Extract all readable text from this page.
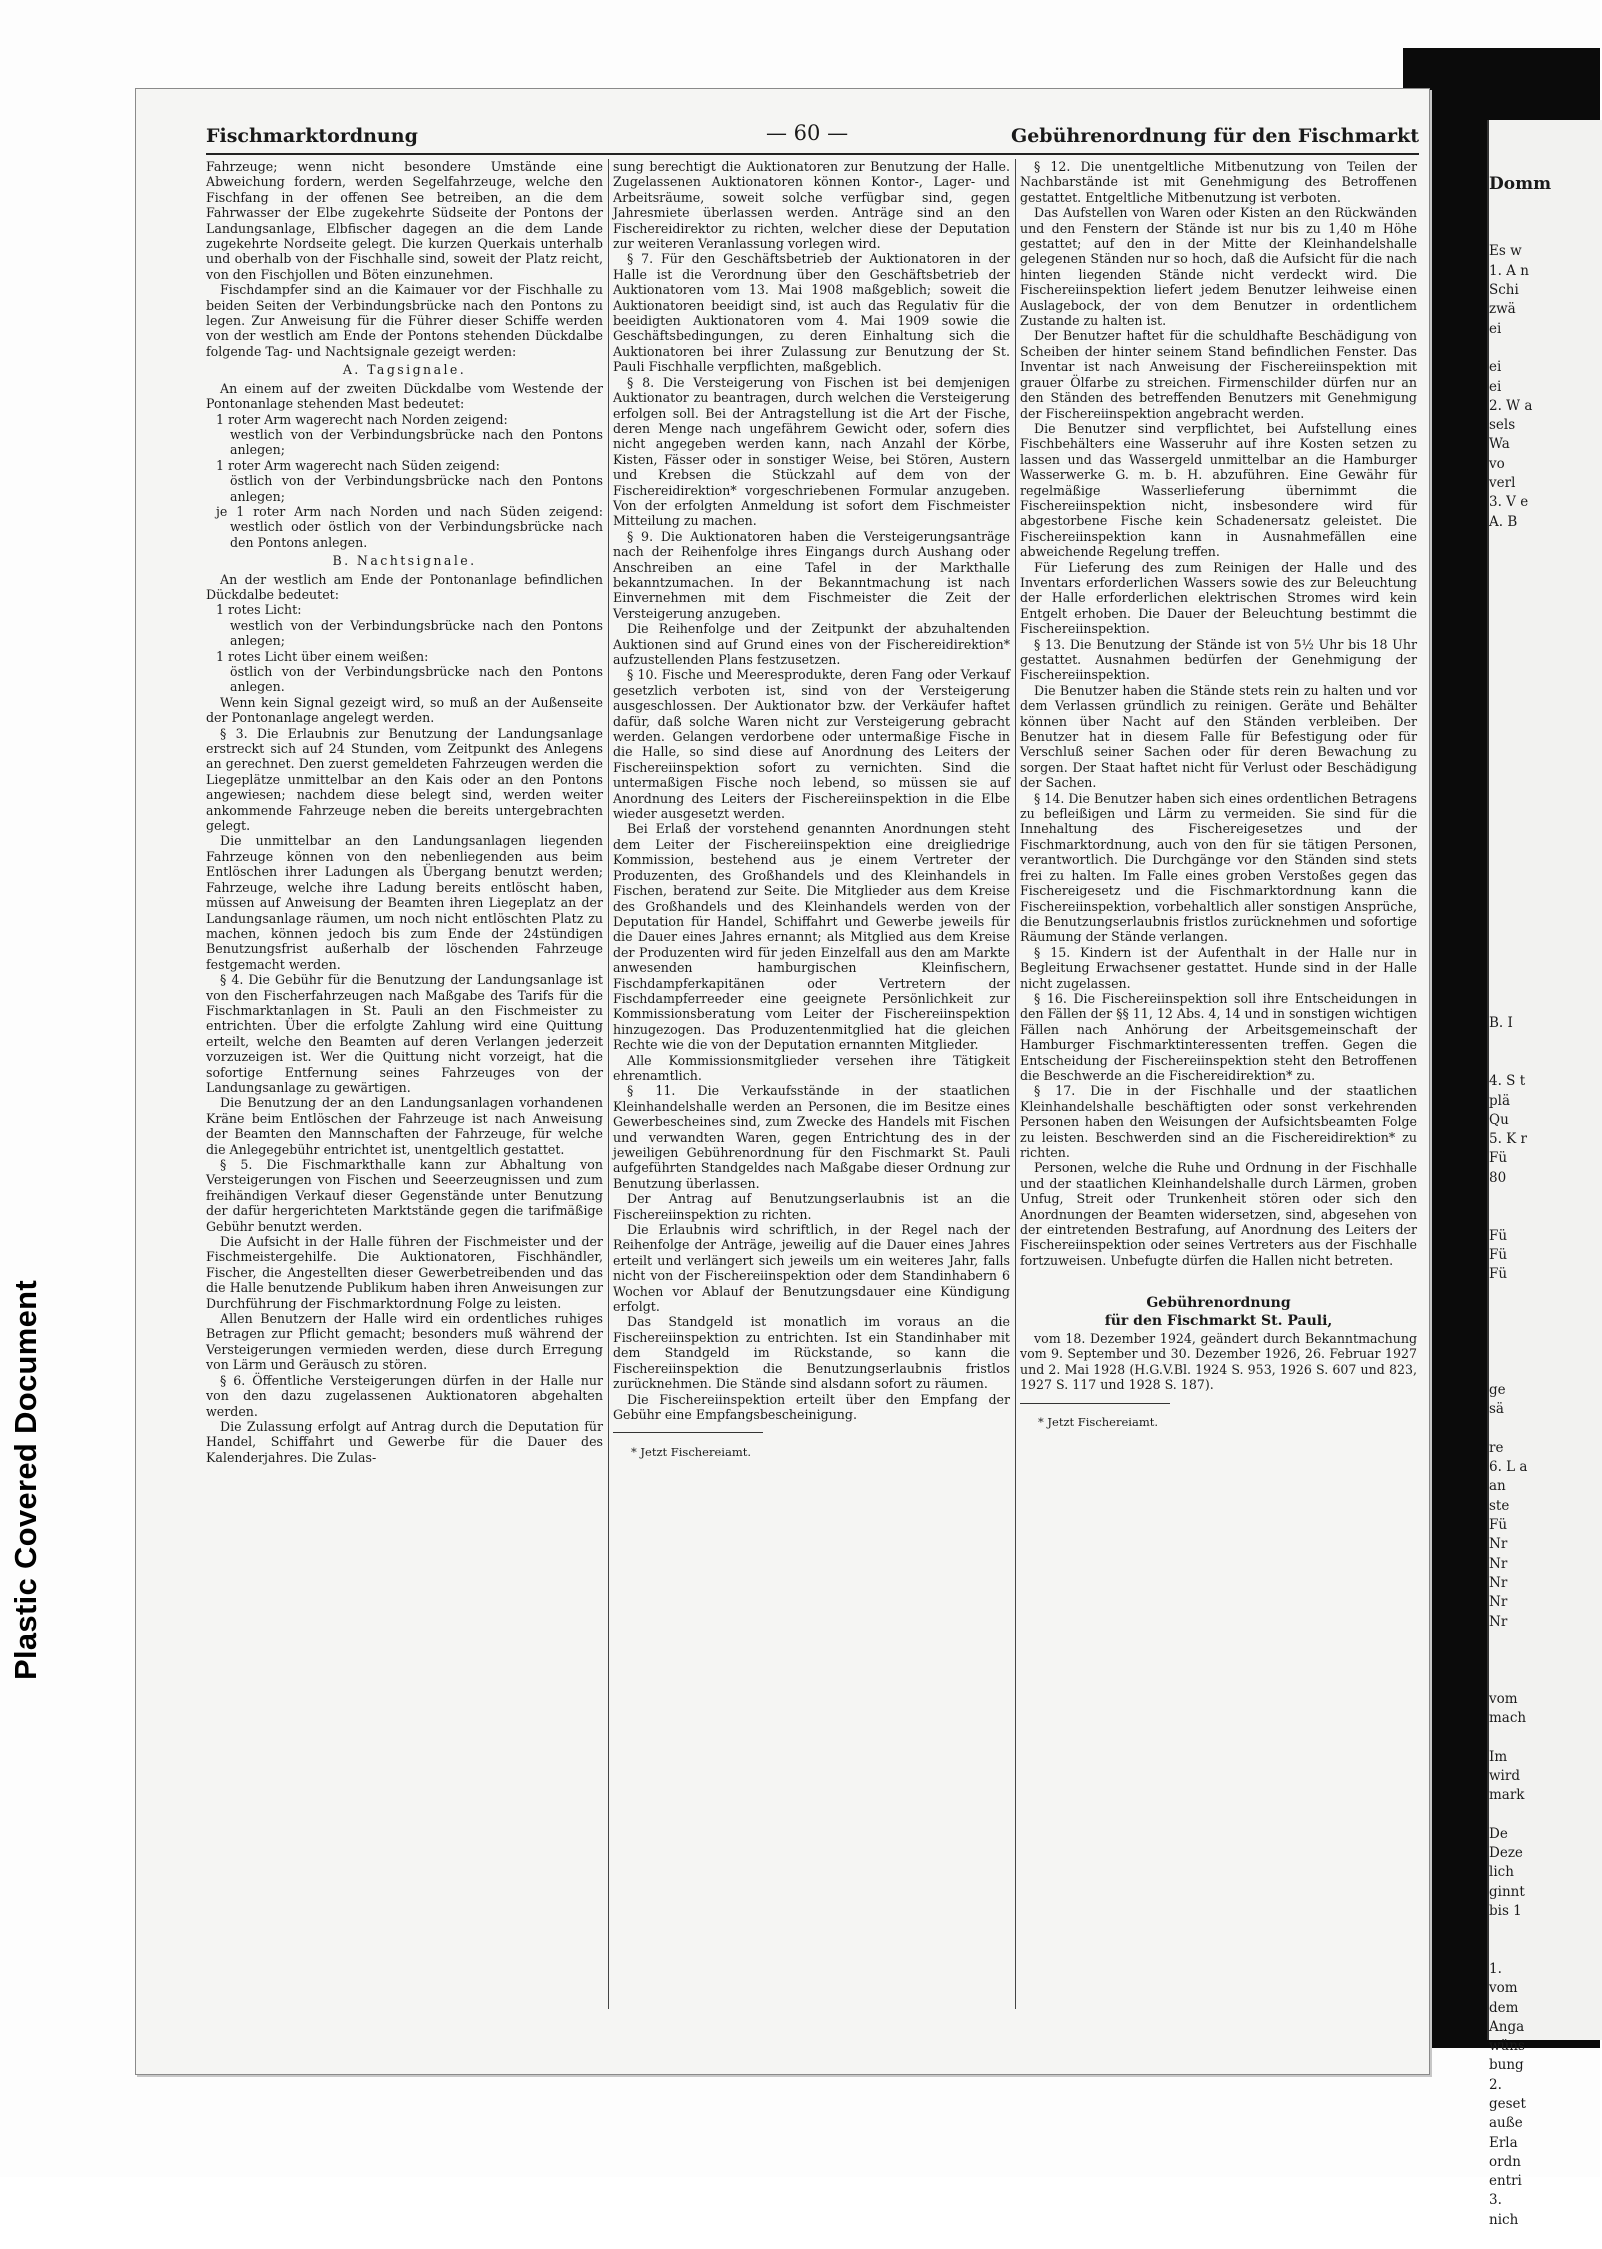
Plastic Covered Document

Domm

Es w
1. A n
Schi
zwä
ei

ei
ei
2. W a
sels
Wa
vo
verl
3. V e
A. B

B. I

4. S t
plä
Qu
5. K r
Fü
80

Fü
Fü
Fü

ge
sä

re
6. L a
an
ste
Fü
Nr
Nr
Nr
Nr
Nr

vom
mach

Im
wird
mark

De
Deze
lich
ginnt
bis 1

1.
vom
dem
Anga
wüns
bung
2.
geset
auße
Erla
ordn
entri
3.
nich

Fischmarktordnung	— 60 —	Gebührenordnung für den Fischmarkt

Fahrzeuge; wenn nicht besondere Umstände eine Abweichung fordern, werden Segelfahrzeuge, welche den Fischfang in der offenen See betreiben, an die dem Fahrwasser der Elbe zugekehrte Südseite der Pontons der Landungsanlage, Elbfischer dagegen an die dem Lande zugekehrte Nordseite gelegt. Die kurzen Querkais unterhalb und oberhalb von der Fischhalle sind, soweit der Platz reicht, von den Fischjollen und Böten einzunehmen.

Fischdampfer sind an die Kaimauer vor der Fischhalle zu beiden Seiten der Verbindungsbrücke nach den Pontons zu legen. Zur Anweisung für die Führer dieser Schiffe werden von der westlich am Ende der Pontons stehenden Dückdalbe folgende Tag- und Nachtsignale gezeigt werden:

A. Tagsignale.

An einem auf der zweiten Dückdalbe vom Westende der Pontonanlage stehenden Mast bedeutet:

1 roter Arm wagerecht nach Norden zeigend:

westlich von der Verbindungsbrücke nach den Pontons anlegen;

1 roter Arm wagerecht nach Süden zeigend:

östlich von der Verbindungsbrücke nach den Pontons anlegen;

je 1 roter Arm nach Norden und nach Süden zeigend: westlich oder östlich von der Verbindungsbrücke nach den Pontons anlegen.

B. Nachtsignale.

An der westlich am Ende der Pontonanlage befindlichen Dückdalbe bedeutet:

1 rotes Licht:

westlich von der Verbindungsbrücke nach den Pontons anlegen;

1 rotes Licht über einem weißen:

östlich von der Verbindungsbrücke nach den Pontons anlegen.

Wenn kein Signal gezeigt wird, so muß an der Außenseite der Pontonanlage angelegt werden.

§ 3. Die Erlaubnis zur Benutzung der Landungsanlage erstreckt sich auf 24 Stunden, vom Zeitpunkt des Anlegens an gerechnet. Den zuerst gemeldeten Fahrzeugen werden die Liegeplätze unmittelbar an den Kais oder an den Pontons angewiesen; nachdem diese belegt sind, werden weiter ankommende Fahrzeuge neben die bereits untergebrachten gelegt.

Die unmittelbar an den Landungsanlagen liegenden Fahrzeuge können von den nebenliegenden aus beim Entlöschen ihrer Ladungen als Übergang benutzt werden; Fahrzeuge, welche ihre Ladung bereits entlöscht haben, müssen auf Anweisung der Beamten ihren Liegeplatz an der Landungsanlage räumen, um noch nicht entlöschten Platz zu machen, können jedoch bis zum Ende der 24stündigen Benutzungsfrist außerhalb der löschenden Fahrzeuge festgemacht werden.

§ 4. Die Gebühr für die Benutzung der Landungsanlage ist von den Fischerfahrzeugen nach Maßgabe des Tarifs für die Fischmarktanlagen in St. Pauli an den Fischmeister zu entrichten. Über die erfolgte Zahlung wird eine Quittung erteilt, welche den Beamten auf deren Verlangen jederzeit vorzuzeigen ist. Wer die Quittung nicht vorzeigt, hat die sofortige Entfernung seines Fahrzeuges von der Landungsanlage zu gewärtigen.

Die Benutzung der an den Landungsanlagen vorhandenen Kräne beim Entlöschen der Fahrzeuge ist nach Anweisung der Beamten den Mannschaften der Fahrzeuge, für welche die Anlegegebühr entrichtet ist, unentgeltlich gestattet.

§ 5. Die Fischmarkthalle kann zur Abhaltung von Versteigerungen von Fischen und Seeerzeugnissen und zum freihändigen Verkauf dieser Gegenstände unter Benutzung der dafür hergerichteten Marktstände gegen die tarifmäßige Gebühr benutzt werden.

Die Aufsicht in der Halle führen der Fischmeister und der Fischmeistergehilfe. Die Auktionatoren, Fischhändler, Fischer, die Angestellten dieser Gewerbetreibenden und das die Halle benutzende Publikum haben ihren Anweisungen zur Durchführung der Fischmarktordnung Folge zu leisten.

Allen Benutzern der Halle wird ein ordentliches ruhiges Betragen zur Pflicht gemacht; besonders muß während der Versteigerungen vermieden werden, diese durch Erregung von Lärm und Geräusch zu stören.

§ 6. Öffentliche Versteigerungen dürfen in der Halle nur von den dazu zugelassenen Auktionatoren abgehalten werden.

Die Zulassung erfolgt auf Antrag durch die Deputation für Handel, Schiffahrt und Gewerbe für die Dauer des Kalenderjahres. Die Zulas-

sung berechtigt die Auktionatoren zur Benutzung der Halle. Zugelassenen Auktionatoren können Kontor-, Lager- und Arbeitsräume, soweit solche verfügbar sind, gegen Jahresmiete überlassen werden. Anträge sind an den Fischereidirektor zu richten, welcher diese der Deputation zur weiteren Veranlassung vorlegen wird.

§ 7. Für den Geschäftsbetrieb der Auktionatoren in der Halle ist die Verordnung über den Geschäftsbetrieb der Auktionatoren vom 13. Mai 1908 maßgeblich; soweit die Auktionatoren beeidigt sind, ist auch das Regulativ für die beeidigten Auktionatoren vom 4. Mai 1909 sowie die Geschäftsbedingungen, zu deren Einhaltung sich die Auktionatoren bei ihrer Zulassung zur Benutzung der St. Pauli Fischhalle verpflichten, maßgeblich.

§ 8. Die Versteigerung von Fischen ist bei demjenigen Auktionator zu beantragen, durch welchen die Versteigerung erfolgen soll. Bei der Antragstellung ist die Art der Fische, deren Menge nach ungefährem Gewicht oder, sofern dies nicht angegeben werden kann, nach Anzahl der Körbe, Kisten, Fässer oder in sonstiger Weise, bei Stören, Austern und Krebsen die Stückzahl auf dem von der Fischereidirektion* vorgeschriebenen Formular anzugeben. Von der erfolgten Anmeldung ist sofort dem Fischmeister Mitteilung zu machen.

§ 9. Die Auktionatoren haben die Versteigerungsanträge nach der Reihenfolge ihres Eingangs durch Aushang oder Anschreiben an eine Tafel in der Markthalle bekanntzumachen. In der Bekanntmachung ist nach Einvernehmen mit dem Fischmeister die Zeit der Versteigerung anzugeben.

Die Reihenfolge und der Zeitpunkt der abzuhaltenden Auktionen sind auf Grund eines von der Fischereidirektion* aufzustellenden Plans festzusetzen.

§ 10. Fische und Meeresprodukte, deren Fang oder Verkauf gesetzlich verboten ist, sind von der Versteigerung ausgeschlossen. Der Auktionator bzw. der Verkäufer haftet dafür, daß solche Waren nicht zur Versteigerung gebracht werden. Gelangen verdorbene oder untermaßige Fische in die Halle, so sind diese auf Anordnung des Leiters der Fischereiinspektion sofort zu vernichten. Sind die untermaßigen Fische noch lebend, so müssen sie auf Anordnung des Leiters der Fischereiinspektion in die Elbe wieder ausgesetzt werden.

Bei Erlaß der vorstehend genannten Anordnungen steht dem Leiter der Fischereiinspektion eine dreigliedrige Kommission, bestehend aus je einem Vertreter der Produzenten, des Großhandels und des Kleinhandels in Fischen, beratend zur Seite. Die Mitglieder aus dem Kreise des Großhandels und des Kleinhandels werden von der Deputation für Handel, Schiffahrt und Gewerbe jeweils für die Dauer eines Jahres ernannt; als Mitglied aus dem Kreise der Produzenten wird für jeden Einzelfall aus den am Markte anwesenden hamburgischen Kleinfischern, Fischdampferkapitänen oder Vertretern der Fischdampferreeder eine geeignete Persönlichkeit zur Kommissionsberatung vom Leiter der Fischereiinspektion hinzugezogen. Das Produzentenmitglied hat die gleichen Rechte wie die von der Deputation ernannten Mitglieder.

Alle Kommissionsmitglieder versehen ihre Tätigkeit ehrenamtlich.

§ 11. Die Verkaufsstände in der staatlichen Kleinhandelshalle werden an Personen, die im Besitze eines Gewerbescheines sind, zum Zwecke des Handels mit Fischen und verwandten Waren, gegen Entrichtung des in der jeweiligen Gebührenordnung für den Fischmarkt St. Pauli aufgeführten Standgeldes nach Maßgabe dieser Ordnung zur Benutzung überlassen.

Der Antrag auf Benutzungserlaubnis ist an die Fischereiinspektion zu richten.

Die Erlaubnis wird schriftlich, in der Regel nach der Reihenfolge der Anträge, jeweilig auf die Dauer eines Jahres erteilt und verlängert sich jeweils um ein weiteres Jahr, falls nicht von der Fischereiinspektion oder dem Standinhabern 6 Wochen vor Ablauf der Benutzungsdauer eine Kündigung erfolgt.

Das Standgeld ist monatlich im voraus an die Fischereiinspektion zu entrichten. Ist ein Standinhaber mit dem Standgeld im Rückstande, so kann die Fischereiinspektion die Benutzungserlaubnis fristlos zurücknehmen. Die Stände sind alsdann sofort zu räumen.

Die Fischereiinspektion erteilt über den Empfang der Gebühr eine Empfangsbescheinigung.

* Jetzt Fischereiamt.

§ 12. Die unentgeltliche Mitbenutzung von Teilen der Nachbarstände ist mit Genehmigung des Betroffenen gestattet. Entgeltliche Mitbenutzung ist verboten.

Das Aufstellen von Waren oder Kisten an den Rückwänden und den Fenstern der Stände ist nur bis zu 1,40 m Höhe gestattet; auf den in der Mitte der Kleinhandelshalle gelegenen Ständen nur so hoch, daß die Aufsicht für die nach hinten liegenden Stände nicht verdeckt wird. Die Fischereiinspektion liefert jedem Benutzer leihweise einen Auslagebock, der von dem Benutzer in ordentlichem Zustande zu halten ist.

Der Benutzer haftet für die schuldhafte Beschädigung von Scheiben der hinter seinem Stand befindlichen Fenster. Das Inventar ist nach Anweisung der Fischereiinspektion mit grauer Ölfarbe zu streichen. Firmenschilder dürfen nur an den Ständen des betreffenden Benutzers mit Genehmigung der Fischereiinspektion angebracht werden.

Die Benutzer sind verpflichtet, bei Aufstellung eines Fischbehälters eine Wasseruhr auf ihre Kosten setzen zu lassen und das Wassergeld unmittelbar an die Hamburger Wasserwerke G. m. b. H. abzuführen. Eine Gewähr für regelmäßige Wasserlieferung übernimmt die Fischereiinspektion nicht, insbesondere wird für abgestorbene Fische kein Schadenersatz geleistet. Die Fischereiinspektion kann in Ausnahmefällen eine abweichende Regelung treffen.

Für Lieferung des zum Reinigen der Halle und des Inventars erforderlichen Wassers sowie des zur Beleuchtung der Halle erforderlichen elektrischen Stromes wird kein Entgelt erhoben. Die Dauer der Beleuchtung bestimmt die Fischereiinspektion.

§ 13. Die Benutzung der Stände ist von 5½ Uhr bis 18 Uhr gestattet. Ausnahmen bedürfen der Genehmigung der Fischereiinspektion.

Die Benutzer haben die Stände stets rein zu halten und vor dem Verlassen gründlich zu reinigen. Geräte und Behälter können über Nacht auf den Ständen verbleiben. Der Benutzer hat in diesem Falle für Befestigung oder für Verschluß seiner Sachen oder für deren Bewachung zu sorgen. Der Staat haftet nicht für Verlust oder Beschädigung der Sachen.

§ 14. Die Benutzer haben sich eines ordentlichen Betragens zu befleißigen und Lärm zu vermeiden. Sie sind für die Innehaltung des Fischereigesetzes und der Fischmarktordnung, auch von den für sie tätigen Personen, verantwortlich. Die Durchgänge vor den Ständen sind stets frei zu halten. Im Falle eines groben Verstoßes gegen das Fischereigesetz und die Fischmarktordnung kann die Fischereiinspektion, vorbehaltlich aller sonstigen Ansprüche, die Benutzungserlaubnis fristlos zurücknehmen und sofortige Räumung der Stände verlangen.

§ 15. Kindern ist der Aufenthalt in der Halle nur in Begleitung Erwachsener gestattet. Hunde sind in der Halle nicht zugelassen.

§ 16. Die Fischereiinspektion soll ihre Entscheidungen in den Fällen der §§ 11, 12 Abs. 4, 14 und in sonstigen wichtigen Fällen nach Anhörung der Arbeitsgemeinschaft der Hamburger Fischmarktinteressenten treffen. Gegen die Entscheidung der Fischereiinspektion steht den Betroffenen die Beschwerde an die Fischereidirektion* zu.

§ 17. Die in der Fischhalle und der staatlichen Kleinhandelshalle beschäftigten oder sonst verkehrenden Personen haben den Weisungen der Aufsichtsbeamten Folge zu leisten. Beschwerden sind an die Fischereidirektion* zu richten.

Personen, welche die Ruhe und Ordnung in der Fischhalle und der staatlichen Kleinhandelshalle durch Lärmen, groben Unfug, Streit oder Trunkenheit stören oder sich den Anordnungen der Beamten widersetzen, sind, abgesehen von der eintretenden Bestrafung, auf Anordnung des Leiters der Fischereiinspektion oder seines Vertreters aus der Fischhalle fortzuweisen. Unbefugte dürfen die Hallen nicht betreten.

Gebührenordnung

für den Fischmarkt St. Pauli,

vom 18. Dezember 1924, geändert durch Bekanntmachung vom 9. September und 30. Dezember 1926, 26. Februar 1927 und 2. Mai 1928 (H.G.V.Bl. 1924 S. 953, 1926 S. 607 und 823, 1927 S. 117 und 1928 S. 187).

* Jetzt Fischereiamt.
